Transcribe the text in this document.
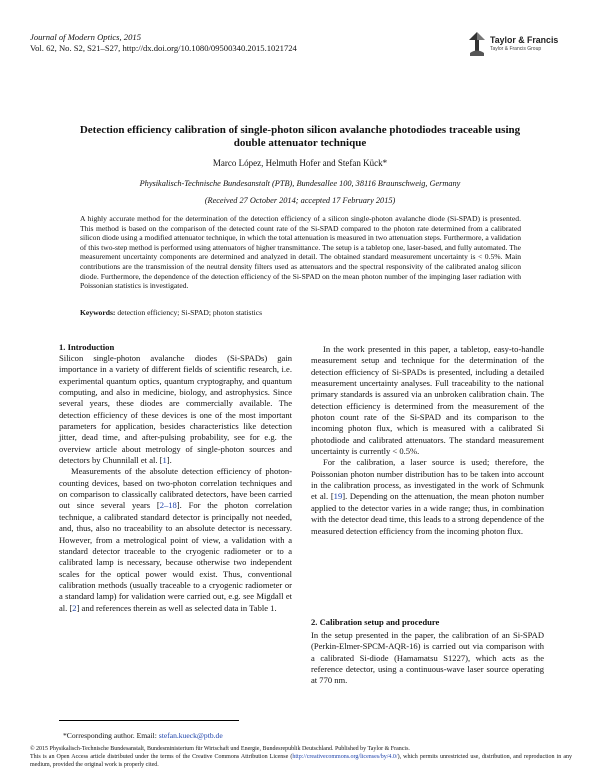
Journal of Modern Optics, 2015
Vol. 62, No. S2, S21–S27, http://dx.doi.org/10.1080/09500340.2015.1021724
Taylor & Francis
Taylor & Francis Group
Detection efficiency calibration of single-photon silicon avalanche photodiodes traceable using
double attenuator technique
Marco López, Helmuth Hofer and Stefan Kück*
Physikalisch-Technische Bundesanstalt (PTB), Bundesallee 100, 38116 Braunschweig, Germany
(Received 27 October 2014; accepted 17 February 2015)
A highly accurate method for the determination of the detection efficiency of a silicon single-photon avalanche diode (Si-SPAD) is presented. This method is based on the comparison of the detected count rate of the Si-SPAD compared to the photon rate determined from a calibrated silicon diode using a modified attenuator technique, in which the total attenuation is measured in two attenuation steps. Furthermore, a validation of this two-step method is performed using attenuators of higher transmittance. The setup is a tabletop one, laser-based, and fully automated. The measurement uncertainty components are determined and analyzed in detail. The obtained standard measurement uncertainty is < 0.5%. Main contributions are the transmission of the neutral density filters used as attenuators and the spectral responsivity of the calibrated analog silicon diode. Furthermore, the dependence of the detection efficiency of the Si-SPAD on the mean photon number of the impinging laser radiation with Poissonian statistics is investigated.
Keywords: detection efficiency; Si-SPAD; photon statistics
1. Introduction

Silicon single-photon avalanche diodes (Si-SPADs) gain importance in a variety of different fields of scientific research, i.e. experimental quantum optics, quantum cryptography, and quantum computing, and also in medicine, biology, and astrophysics. Since several years, these diodes are commercially available. The detection efficiency of these devices is one of the most important parameters for application, besides characteristics like detection jitter, dead time, and after-pulsing probability, see for e.g. the overview article about metrology of single-photon sources and detectors by Chunnilall et al. [1].

Measurements of the absolute detection efficiency of photon-counting devices, based on two-photon correlation techniques and on comparison to classically calibrated detectors, have been carried out since several years [2–18]. For the photon correlation technique, a calibrated standard detector is principally not needed, and, thus, also no traceability to an absolute detector is necessary. However, from a metrological point of view, a validation with a standard detector traceable to the cryogenic radiometer or to a calibrated lamp is necessary, because otherwise two independent scales for the optical power would exist. Thus, conventional calibration methods (usually traceable to a cryogenic radiometer or a standard lamp) for validation were carried out, e.g. see Migdall et al. [2] and references therein as well as selected data in Table 1.

In the work presented in this paper, a tabletop, easy-to-handle measurement setup and technique for the determination of the detection efficiency of Si-SPADs is presented, including a detailed measurement uncertainty analyses. Full traceability to the national primary standards is assured via an unbroken calibration chain. The detection efficiency is determined from the measurement of the photon count rate of the Si-SPAD and its comparison to the incoming photon flux, which is measured with a calibrated Si photodiode and calibrated attenuators. The standard measurement uncertainty is currently < 0.5%.

For the calibration, a laser source is used; therefore, the Poissonian photon number distribution has to be taken into account in the calibration process, as investigated in the work of Schmunk et al. [19]. Depending on the attenuation, the mean photon number applied to the detector varies in a wide range; thus, in combination with the detector dead time, this leads to a strong dependence of the measured detection efficiency from the incoming photon flux.

2. Calibration setup and procedure

In the setup presented in the paper, the calibration of an Si-SPAD (Perkin-Elmer-SPCM-AQR-16) is carried out via comparison with a calibrated Si-diode (Hamamatsu S1227), which acts as the reference detector, using a continuous-wave laser source operating at 770 nm.

*Corresponding author. Email: stefan.kueck@ptb.de
© 2015 Physikalisch-Technische Bundesanstalt, Bundesministerium für Wirtschaft und Energie, Bundesrepublik Deutschland. Published by Taylor & Francis.
This is an Open Access article distributed under the terms of the Creative Commons Attribution License (http://creativecommons.org/licenses/by/4.0/), which permits unrestricted use, distribution, and reproduction in any medium, provided the original work is properly cited.
